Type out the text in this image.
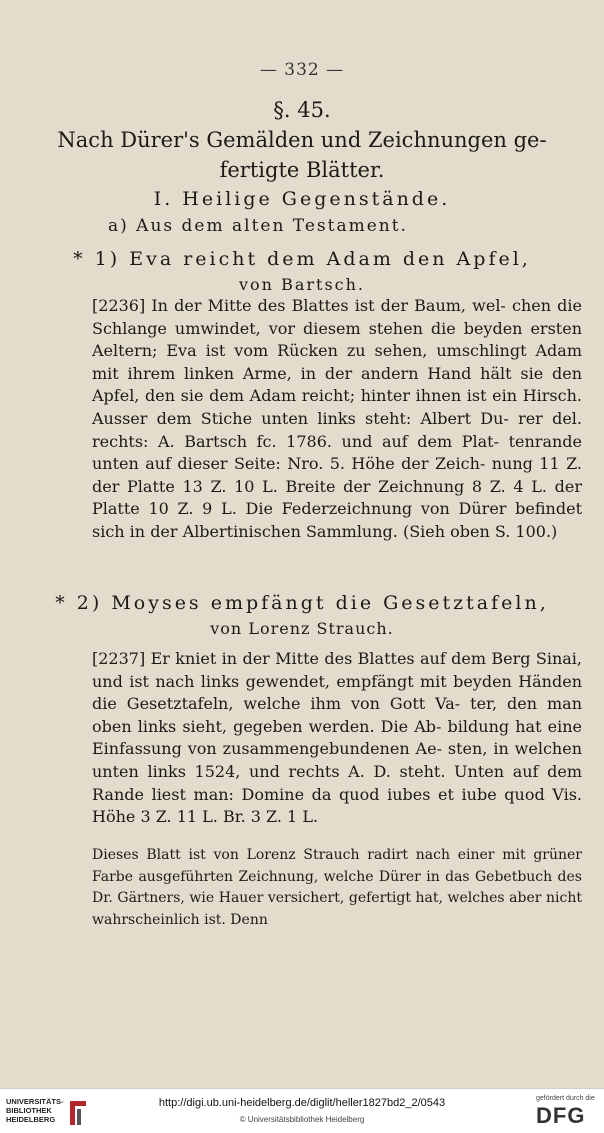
— 332 —
§. 45.
Nach Dürer's Gemälden und Zeichnungen ge-
fertigte Blätter.
I. Heilige Gegenstände.
a) Aus dem alten Testament.
* 1) Eva reicht dem Adam den Apfel,
von Bartsch.
[2236] In der Mitte des Blattes ist der Baum, wel- chen die Schlange umwindet, vor diesem stehen die beyden ersten Aeltern; Eva ist vom Rücken zu sehen, umschlingt Adam mit ihrem linken Arme, in der andern Hand hält sie den Apfel, den sie dem Adam reicht; hinter ihnen ist ein Hirsch. Ausser dem Stiche unten links steht: Albert Du- rer del. rechts: A. Bartsch fc. 1786. und auf dem Plat- tenrande unten auf dieser Seite: Nro. 5. Höhe der Zeich- nung 11 Z. der Platte 13 Z. 10 L. Breite der Zeichnung 8 Z. 4 L. der Platte 10 Z. 9 L. Die Federzeichnung von Dürer befindet sich in der Albertinischen Sammlung. (Sieh oben S. 100.)
* 2) Moyses empfängt die Gesetztafeln,
von Lorenz Strauch.
[2237] Er kniet in der Mitte des Blattes auf dem Berg Sinai, und ist nach links gewendet, empfängt mit beyden Händen die Gesetztafeln, welche ihm von Gott Va- ter, den man oben links sieht, gegeben werden. Die Ab- bildung hat eine Einfassung von zusammengebundenen Ae- sten, in welchen unten links 1524, und rechts A. D. steht. Unten auf dem Rande liest man: Domine da quod iubes et iube quod Vis. Höhe 3 Z. 11 L. Br. 3 Z. 1 L.
Dieses Blatt ist von Lorenz Strauch radirt nach einer mit grüner Farbe ausgeführten Zeichnung, welche Dürer in das Gebetbuch des Dr. Gärtners, wie Hauer versichert, gefertigt hat, welches aber nicht wahrscheinlich ist. Denn
UNIVERSITÄTS-BIBLIOTHEK HEIDELBERG
http://digi.ub.uni-heidelberg.de/diglit/heller1827bd2_2/0543
© Universitätsbibliothek Heidelberg
gefördert durch die
DFG
